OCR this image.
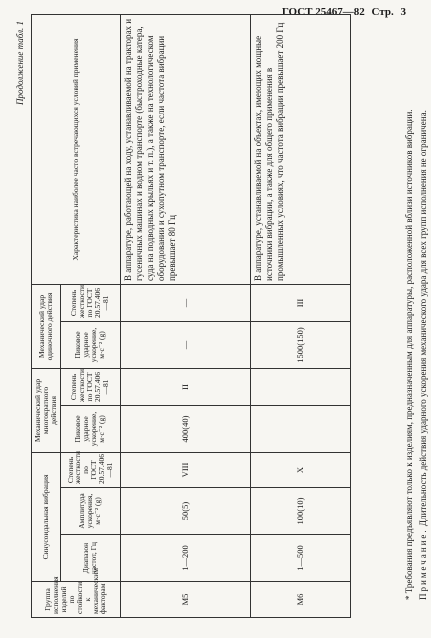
ГОСТ 25467—82 Стр. 3
Продолжение табл. 1
Группа исполнения изделий по стойкости к механическим факторам	Синусоидальная вибрация			Механический удар многократного действия		Механический удар одиночного действия		Характеристика наиболее часто встречающихся условий применения
	Диапазон частот, Гц	Амплитуда ускорения, м·с⁻² (g)	Степень жесткости по ГОСТ 20.57.406—81	Пиковое ударное ускорение, м·с⁻² (g)	Степень жесткости по ГОСТ 20.57.406—81	Пиковое ударное ускорение, м·с⁻² (g)	Степень жесткости по ГОСТ 20.57.406—81	
М5	1—200	50(5)	VIII	400(40)	II	—	—	В аппаратуре, работающей на ходу, устанавливаемой на тракторах и гусеничных машинах и водном транспорте (быстроходные катера, суда на подводных крыльях и т. п.), а также на технологическом оборудовании и сухопутном транспорте, если частота вибрации превышает 80 Гц
М6	1—500	100(10)	X			1500(150)	III	В аппаратуре, устанавливаемой на объектах, имеющих мощные источники вибрации, а также для общего применения в промышленных условиях, что частота вибрации превышает 200 Гц	* Требования предъявляют только к изделиям, предназначенным для аппаратуры, расположенной вблизи источников вибрации. Примечание. Длительность действия ударного ускорения механического удара для всех групп исполнения не ограничена.
